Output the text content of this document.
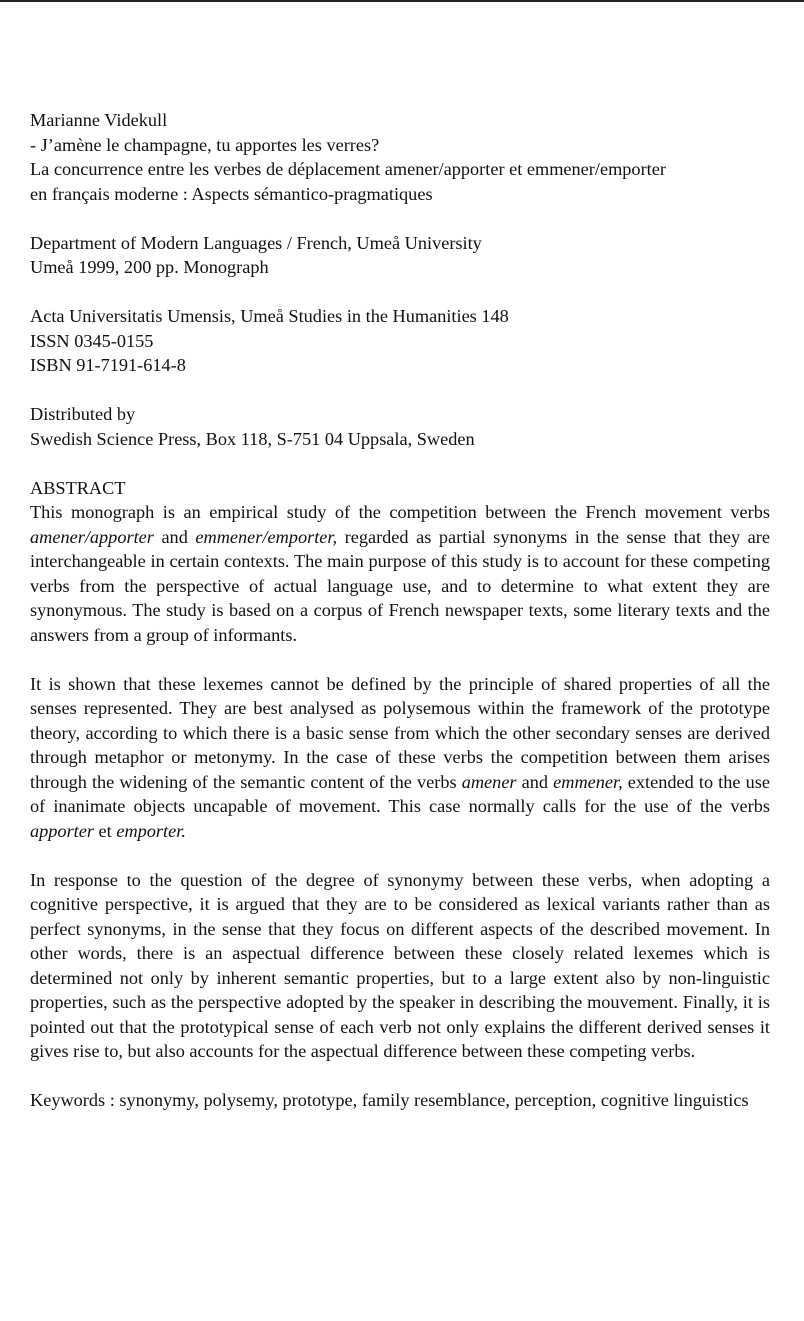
Marianne Videkull
- J’amène le champagne, tu apportes les verres?
La concurrence entre les verbes de déplacement amener/apporter et emmener/emporter
en français moderne : Aspects sémantico-pragmatiques
Department of Modern Languages / French, Umeå University
Umeå 1999, 200 pp. Monograph
Acta Universitatis Umensis, Umeå Studies in the Humanities 148
ISSN 0345-0155
ISBN 91-7191-614-8
Distributed by
Swedish Science Press, Box 118, S-751 04 Uppsala, Sweden
ABSTRACT

This monograph is an empirical study of the competition between the French movement verbs amener/apporter and emmener/emporter, regarded as partial synonyms in the sense that they are interchangeable in certain contexts. The main purpose of this study is to account for these competing verbs from the perspective of actual language use, and to determine to what extent they are synonymous. The study is based on a corpus of French newspaper texts, some literary texts and the answers from a group of informants.

It is shown that these lexemes cannot be defined by the principle of shared properties of all the senses represented. They are best analysed as polysemous within the framework of the prototype theory, according to which there is a basic sense from which the other secondary senses are derived through metaphor or metonymy. In the case of these verbs the competition between them arises through the widening of the semantic content of the verbs amener and emmener, extended to the use of inanimate objects uncapable of movement. This case normally calls for the use of the verbs apporter et emporter.

In response to the question of the degree of synonymy between these verbs, when adopting a cognitive perspective, it is argued that they are to be considered as lexical variants rather than as perfect synonyms, in the sense that they focus on different aspects of the described movement. In other words, there is an aspectual difference between these closely related lexemes which is determined not only by inherent semantic properties, but to a large extent also by non-linguistic properties, such as the perspective adopted by the speaker in describing the mouvement. Finally, it is pointed out that the prototypical sense of each verb not only explains the different derived senses it gives rise to, but also accounts for the aspectual difference between these competing verbs.

Keywords : synonymy, polysemy, prototype, family resemblance, perception, cognitive linguistics
